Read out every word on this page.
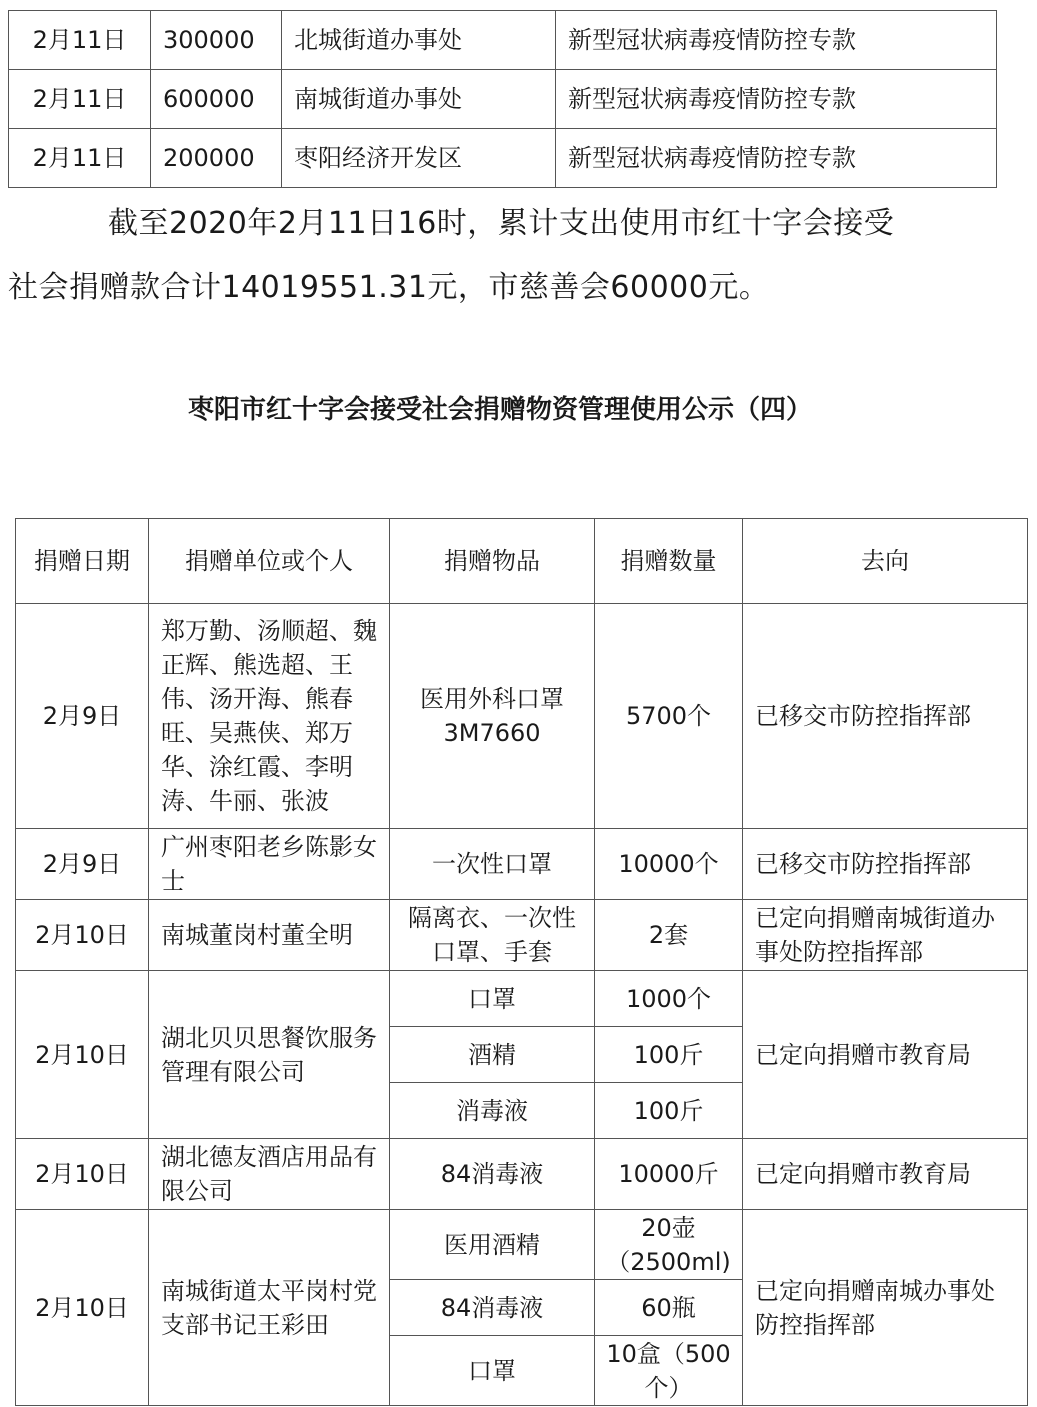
2月11日	300000	北城街道办事处	新型冠状病毒疫情防控专款
2月11日	600000	南城街道办事处	新型冠状病毒疫情防控专款
2月11日	200000	枣阳经济开发区	新型冠状病毒疫情防控专款

截至2020年2月11日16时，累计支出使用市红十字会接受

社会捐赠款合计14019551.31元，市慈善会60000元。

枣阳市红十字会接受社会捐赠物资管理使用公示（四）
捐赠日期	捐赠单位或个人	捐赠物品	捐赠数量	去向
2月9日	郑万勤、汤顺超、魏正辉、熊选超、王伟、汤开海、熊春旺、吴燕侠、郑万华、涂红霞、李明涛、牛丽、张波	医用外科口罩3M7660	5700个	已移交市防控指挥部
2月9日	广州枣阳老乡陈影女士	一次性口罩	10000个	已移交市防控指挥部
2月10日	南城董岗村董全明	隔离衣、一次性口罩、手套	2套	已定向捐赠南城街道办事处防控指挥部
2月10日	湖北贝贝思餐饮服务管理有限公司	口罩	1000个	已定向捐赠市教育局
		酒精	100斤	
		消毒液	100斤	
2月10日	湖北德友酒店用品有限公司	84消毒液	10000斤	已定向捐赠市教育局
2月10日	南城街道太平岗村党支部书记王彩田	医用酒精	20壶（2500ml)	已定向捐赠南城办事处防控指挥部
		84消毒液	60瓶	
		口罩	10盒（500个）	
